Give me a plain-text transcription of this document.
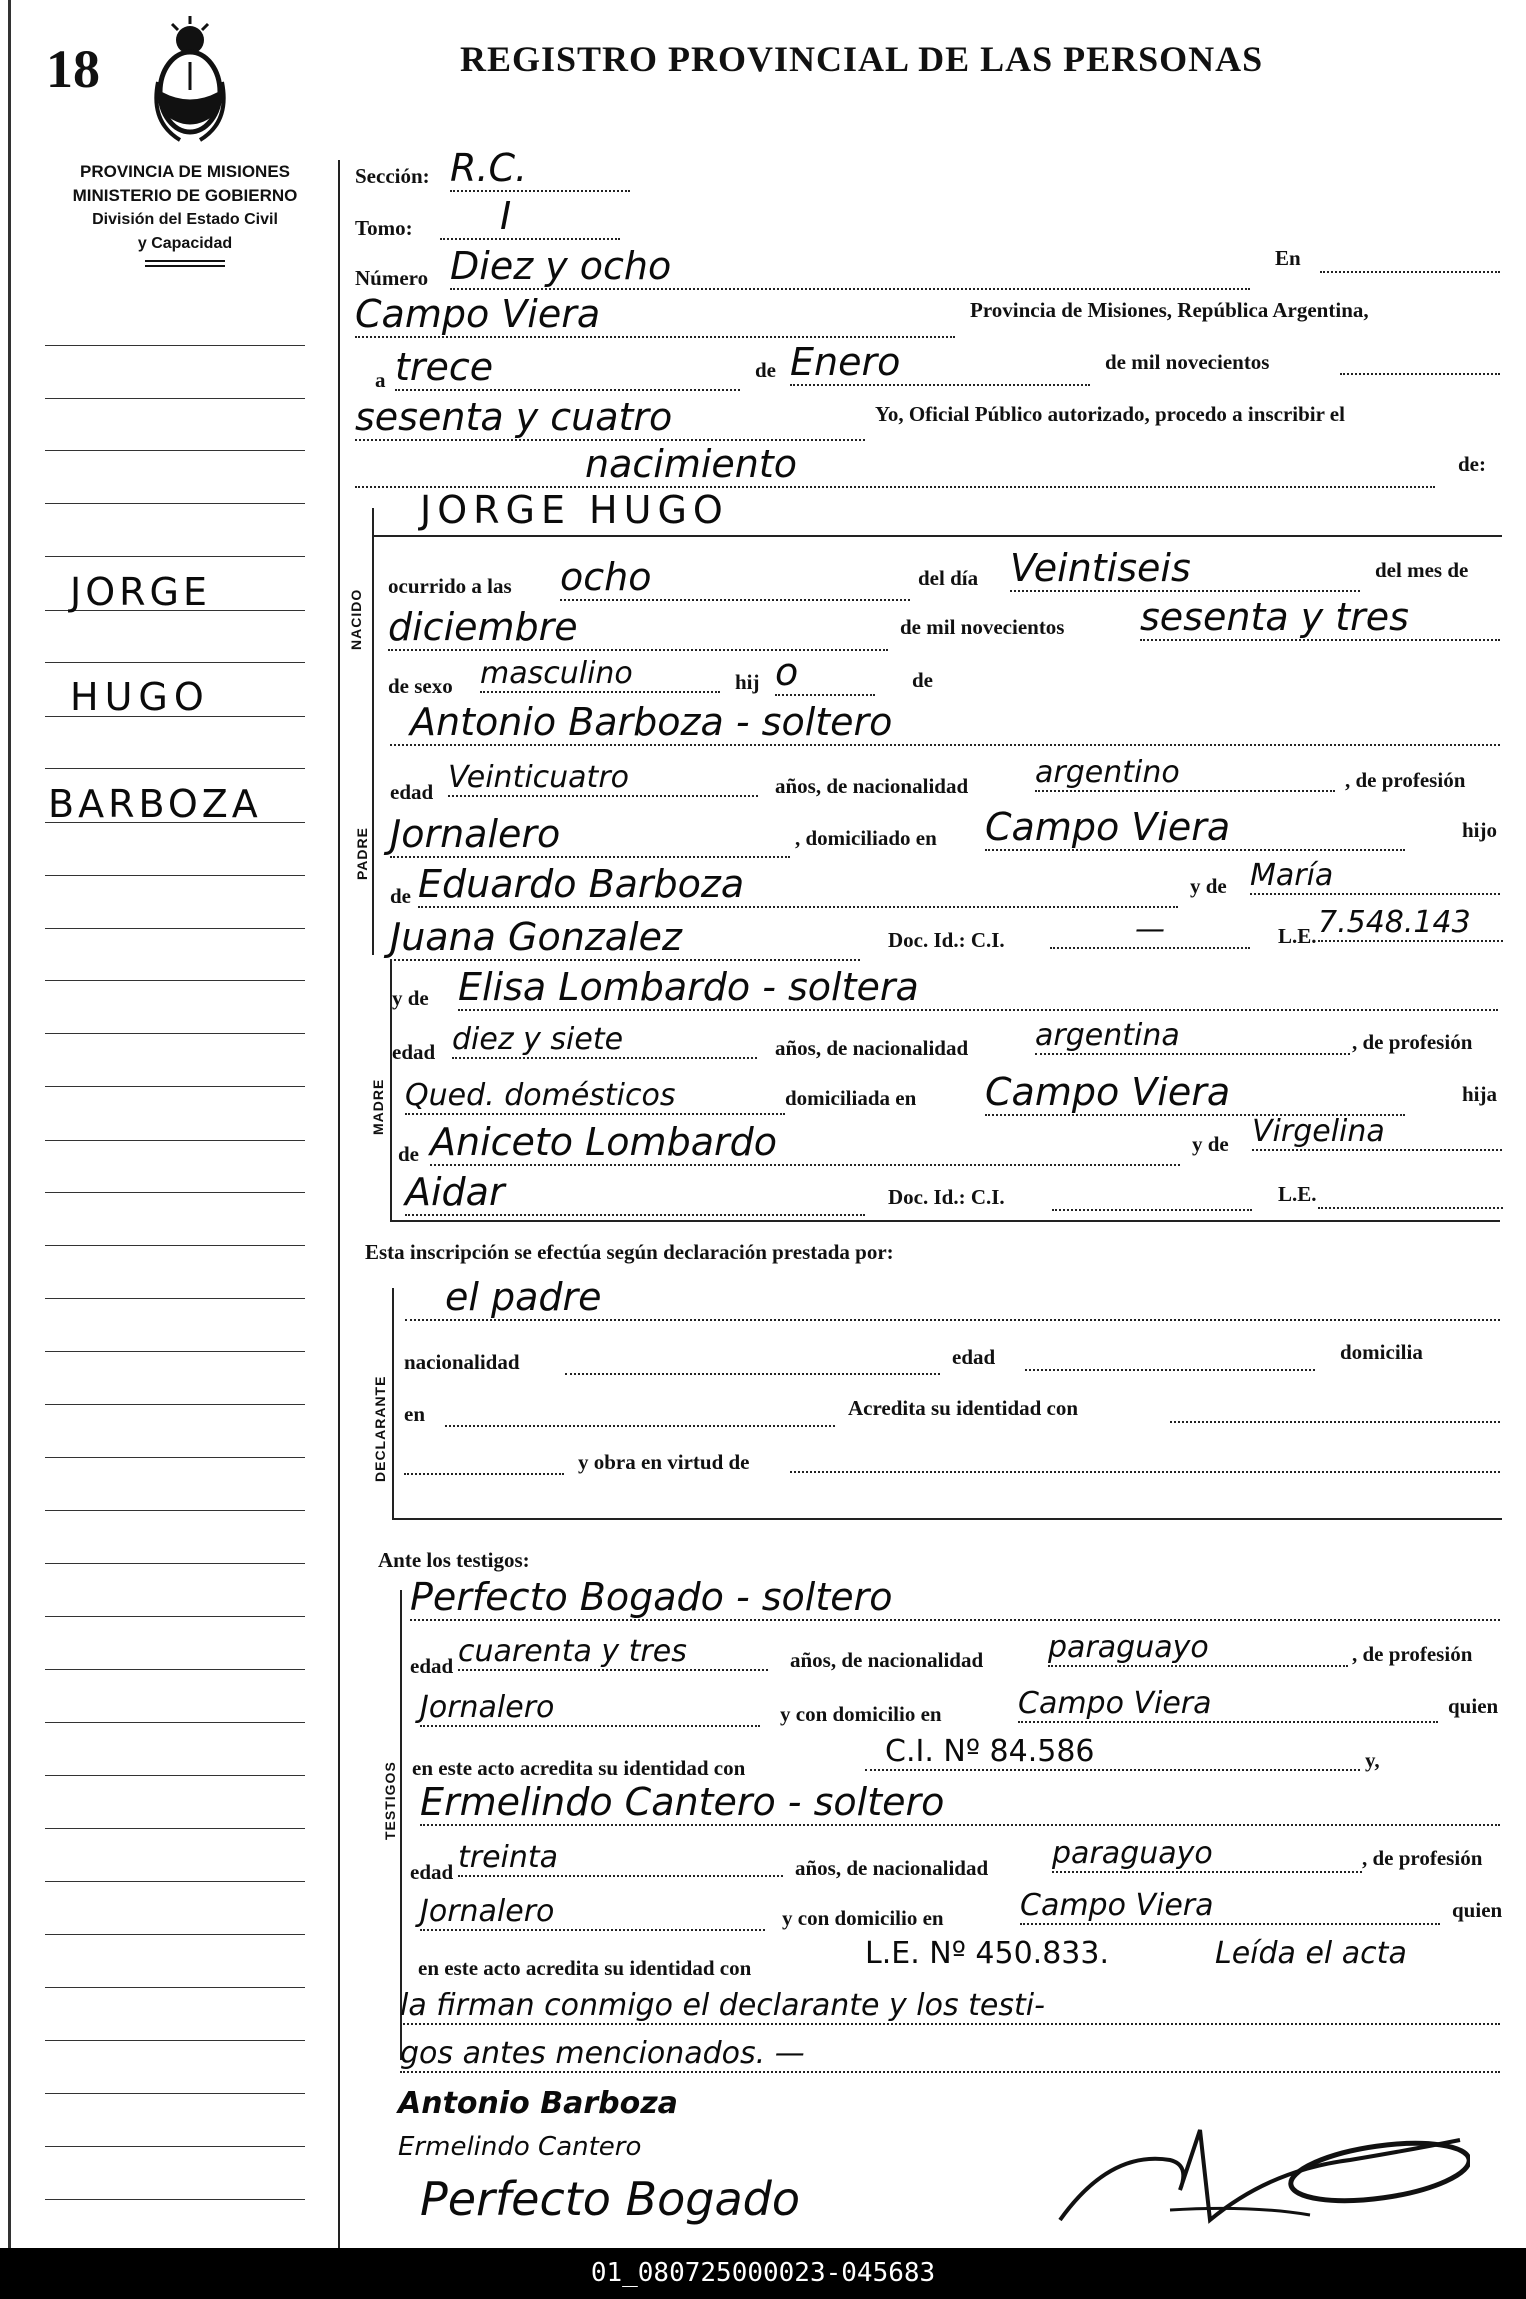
18	REGISTRO PROVINCIAL DE LAS PERSONAS
PROVINCIA DE MISIONES
MINISTERIO DE GOBIERNO
División del Estado Civil
y Capacidad
JORGE
HUGO
BARBOZA
Sección: R.C.
Tomo:	I
Número Diez y ocho	En
Campo Viera	Provincia de Misiones, República Argentina,
a trece	de Enero	de mil novecientos
sesenta y cuatro	Yo, Oficial Público autorizado, procedo a inscribir el
nacimiento	de:
NACIDO
JORGE HUGO
ocurrido a las ocho	del día Veintiseis	del mes de
diciembre	de mil novecientos sesenta y tres
de sexo masculino	hij o	de
PADRE
Antonio Barboza - soltero
edad Veinticuatro	años, de nacionalidad argentino	, de profesión
Jornalero	, domiciliado en Campo Viera	hijo
de Eduardo Barboza	y de María
Juana Gonzalez	Doc. Id.: C.I.	—	L.E. 7.548.143
MADRE
y de Elisa Lombardo - soltera
edad diez y siete	años, de nacionalidad argentina	, de profesión
Qued. domésticos	domiciliada en Campo Viera	hija
de Aniceto Lombardo	y de Virgelina
Aidar	Doc. Id.: C.I.	L.E.
Esta inscripción se efectúa según declaración prestada por:
DECLARANTE
el padre
nacionalidad	edad	domicilia
en	Acredita su identidad con
y obra en virtud de
Ante los testigos:
TESTIGOS
Perfecto Bogado - soltero
edad cuarenta y tres	años, de nacionalidad paraguayo	, de profesión
Jornalero	y con domicilio en	Campo Viera	quien
en este acto acredita su identidad con	C.I. Nº 84.586	y,
Ermelindo Cantero - soltero
edad treinta	años, de nacionalidad paraguayo	, de profesión
Jornalero	y con domicilio en	Campo Viera	quien
en este acto acredita su identidad con	L.E. Nº 450.833.	Leída el acta
la firman conmigo el declarante y los testi-
gos antes mencionados. —
Antonio Barboza
Ermelindo Cantero
Perfecto Bogado
01_080725000023-045683
